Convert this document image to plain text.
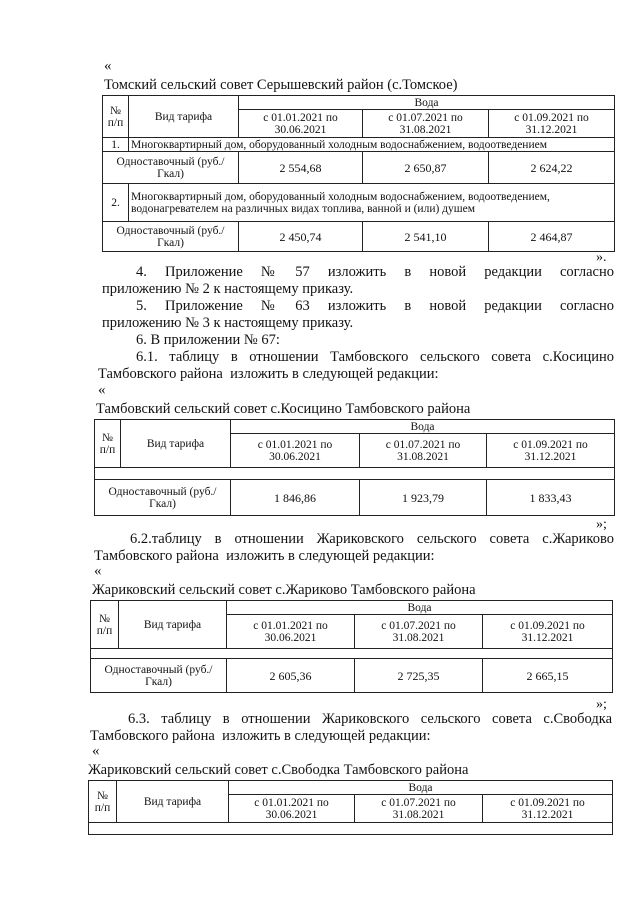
«
Томский сельский совет Серышевский район (с.Томское)
№ п/п	Вид тарифа	Вода		
		с 01.01.2021 по 30.06.2021	с 01.07.2021 по 31.08.2021	с 01.09.2021 по 31.12.2021
1.	Многоквартирный дом, оборудованный холодным водоснабжением, водоотведением			
Одноставочный (руб./Гкал)		2 554,68	2 650,87	2 624,22
2.	Многоквартирный дом, оборудованный холодным водоснабжением, водоотведением, водонагревателем на различных видах топлива, ванной и (или) душем			
Одноставочный (руб./Гкал)		2 450,74	2 541,10	2 464,87
».
4.   Приложение   №   57   изложить   в   новой   редакции   согласно
приложению № 2 к настоящему приказу.
5.   Приложение   №   63   изложить   в   новой   редакции   согласно
приложению № 3 к настоящему приказу.
6. В приложении № 67:
6.1.  таблицу  в  отношении  Тамбовского  сельского  совета  с.Косицино
Тамбовского района  изложить в следующей редакции:
«
Тамбовский сельский совет с.Косицино Тамбовского района
№ п/п	Вид тарифа	Вода		
		с 01.01.2021 по 30.06.2021	с 01.07.2021 по 31.08.2021	с 01.09.2021 по 31.12.2021

Одноставочный (руб./Гкал)		1 846,86	1 923,79	1 833,43
»;
6.2.таблицу  в  отношении  Жариковского  сельского  совета  с.Жариково
Тамбовского района  изложить в следующей редакции:
«
Жариковский сельский совет с.Жариково Тамбовского района
№ п/п	Вид тарифа	Вода		
		с 01.01.2021 по 30.06.2021	с 01.07.2021 по 31.08.2021	с 01.09.2021 по 31.12.2021

Одноставочный (руб./Гкал)		2 605,36	2 725,35	2 665,15
»;
6.3.  таблицу  в  отношении  Жариковского  сельского  совета  с.Свободка
Тамбовского района  изложить в следующей редакции:
«
Жариковский сельский совет с.Свободка Тамбовского района
№ п/п	Вид тарифа	Вода		
		с 01.01.2021 по 30.06.2021	с 01.07.2021 по 31.08.2021	с 01.09.2021 по 31.12.2021
